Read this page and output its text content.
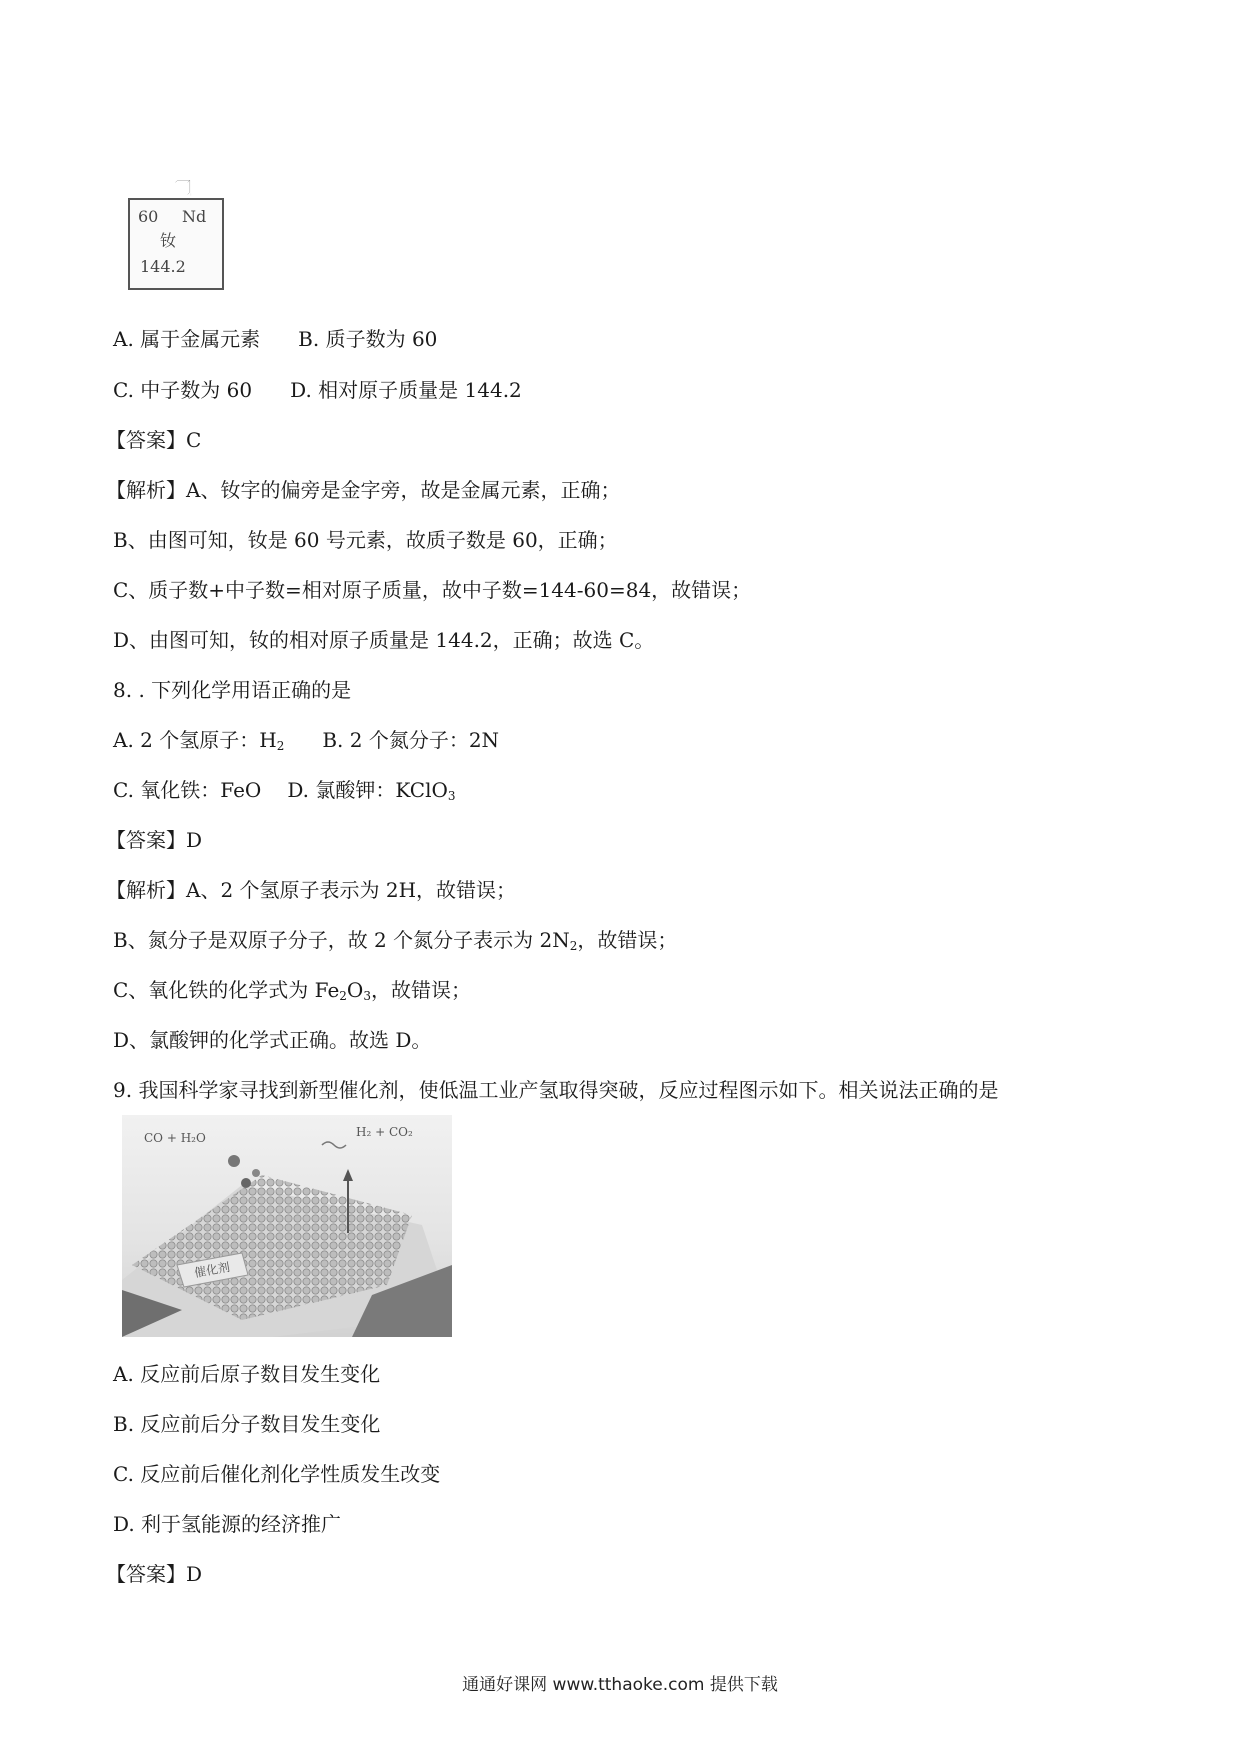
60 Nd
钕
144.2
A. 属于金属元素 B. 质子数为 60
C. 中子数为 60 D. 相对原子质量是 144.2
【答案】C
【解析】A、钕字的偏旁是金字旁，故是金属元素，正确；
B、由图可知，钕是 60 号元素，故质子数是 60，正确；
C、质子数+中子数=相对原子质量，故中子数=144-60=84，故错误；
D、由图可知，钕的相对原子质量是 144.2，正确；故选 C。
8. . 下列化学用语正确的是
A. 2 个氢原子：$H_2$ B. 2 个氮分子：2N
C. 氧化铁：FeO D. 氯酸钾：KClO$_3$
【答案】D
【解析】A、2 个氢原子表示为 2H，故错误；
B、氮分子是双原子分子，故 2 个氮分子表示为 $2N_2$，故错误；
C、氧化铁的化学式为 $Fe_2O_3$，故错误；
D、氯酸钾的化学式正确。故选 D。
9. 我国科学家寻找到新型催化剂，使低温工业产氢取得突破，反应过程图示如下。相关说法正确的是
CO + H₂O	H₂ + CO₂
催化剂
A. 反应前后原子数目发生变化
B. 反应前后分子数目发生变化
C. 反应前后催化剂化学性质发生改变
D. 利于氢能源的经济推广
【答案】D
通通好课网 www.tthaoke.com 提供下载
